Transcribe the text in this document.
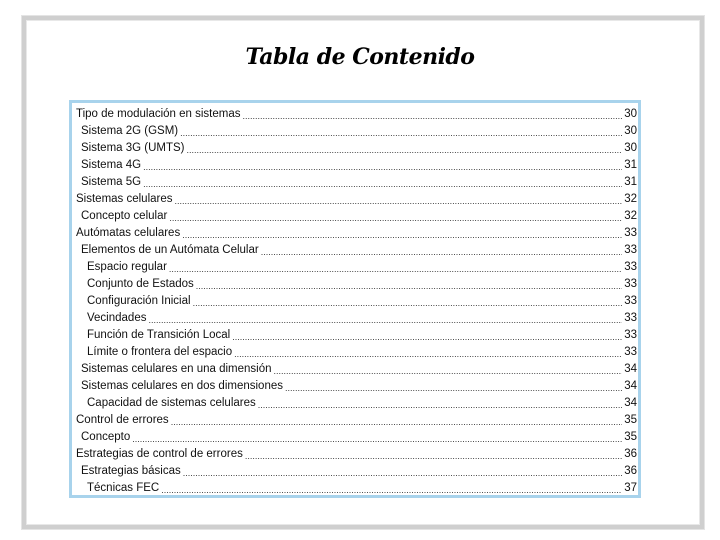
Tabla de Contenido
Tipo de modulación en sistemas .....	30
Sistema 2G (GSM) .....	30
Sistema 3G (UMTS) .....	30
Sistema 4G .....	31
Sistema 5G .....	31
Sistemas celulares .....	32
Concepto celular .....	32
Autómatas celulares .....	33
Elementos de un Autómata Celular .....	33
Espacio regular .....	33
Conjunto de Estados .....	33
Configuración Inicial .....	33
Vecindades .....	33
Función de Transición Local .....	33
Límite o frontera del espacio .....	33
Sistemas celulares en una dimensión .....	34
Sistemas celulares en dos dimensiones .....	34
Capacidad de sistemas celulares .....	34
Control de errores .....	35
Concepto .....	35
Estrategias de control de errores .....	36
Estrategias básicas .....	36
Técnicas FEC .....	37
